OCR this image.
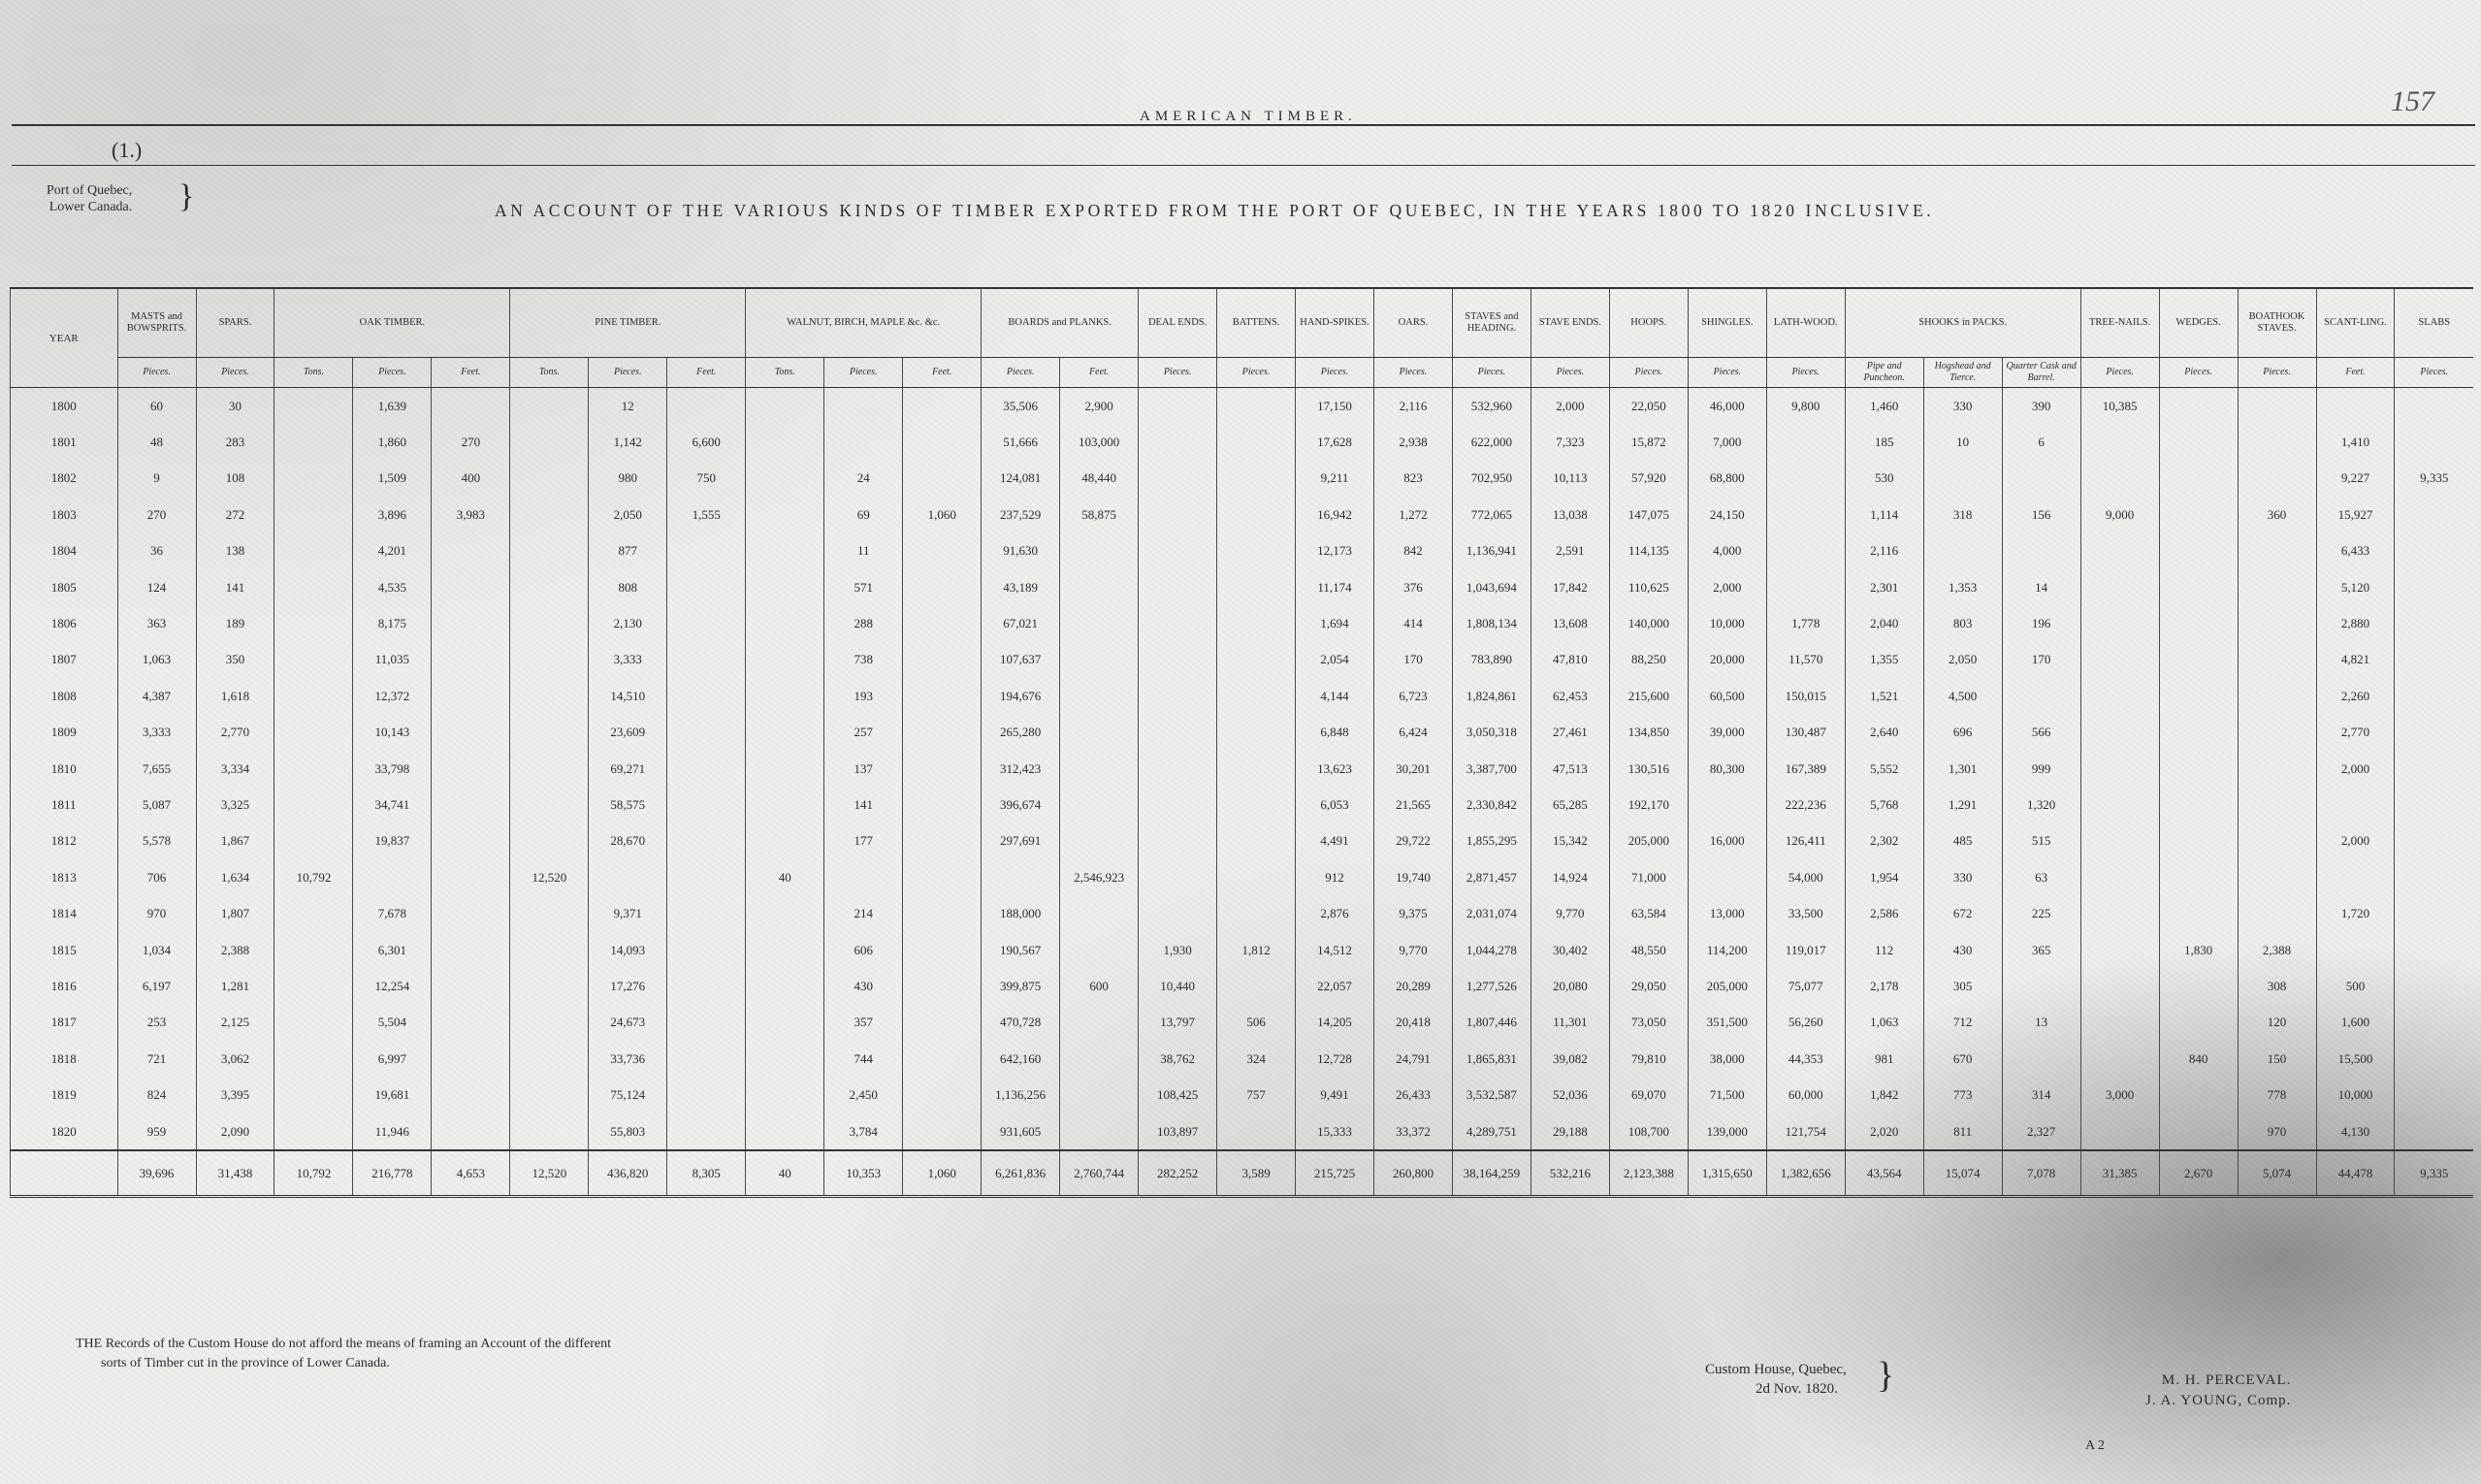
AMERICAN TIMBER.	157
(1.)
Port of Quebec,
Lower Canada. }	AN ACCOUNT OF THE VARIOUS KINDS OF TIMBER EXPORTED FROM THE PORT OF QUEBEC, IN THE YEARS 1800 TO 1820 INCLUSIVE.
YEAR	MASTS and BOWSPRITS.	SPARS.	OAK TIMBER.			PINE TIMBER.			WALNUT, BIRCH, MAPLE &c. &c.			BOARDS and PLANKS.		DEAL ENDS.	BATTENS.	HAND-SPIKES.	OARS.	STAVES and HEADING.	STAVE ENDS.	HOOPS.	SHINGLES.	LATH-WOOD.	SHOOKS in PACKS.			TREE-NAILS.	WEDGES.	BOATHOOK STAVES.	SCANT-LING.	SLABS
	Pieces.	Pieces.	Tons.	Pieces.	Feet.	Tons.	Pieces.	Feet.	Tons.	Pieces.	Feet.	Pieces.	Feet.	Pieces.	Pieces.	Pieces.	Pieces.	Pieces.	Pieces.	Pieces.	Pieces.	Pieces.	Pipe and Puncheon.	Hogshead and Tierce.	Quarter Cask and Barrel.	Pieces.	Pieces.	Pieces.	Feet.	Pieces.
1800	60	30		1,639			12					35,506	2,900			17,150	2,116	532,960	2,000	22,050	46,000	9,800	1,460	330	390	10,385				
1801	48	283		1,860	270		1,142	6,600				51,666	103,000			17,628	2,938	622,000	7,323	15,872	7,000		185	10	6				1,410	
1802	9	108		1,509	400		980	750		24		124,081	48,440			9,211	823	702,950	10,113	57,920	68,800		530						9,227	9,335
1803	270	272		3,896	3,983		2,050	1,555		69	1,060	237,529	58,875			16,942	1,272	772,065	13,038	147,075	24,150		1,114	318	156	9,000		360	15,927	
1804	36	138		4,201			877			11		91,630				12,173	842	1,136,941	2,591	114,135	4,000		2,116						6,433	
1805	124	141		4,535			808			571		43,189				11,174	376	1,043,694	17,842	110,625	2,000		2,301	1,353	14				5,120	
1806	363	189		8,175			2,130			288		67,021				1,694	414	1,808,134	13,608	140,000	10,000	1,778	2,040	803	196				2,880	
1807	1,063	350		11,035			3,333			738		107,637				2,054	170	783,890	47,810	88,250	20,000	11,570	1,355	2,050	170				4,821	
1808	4,387	1,618		12,372			14,510			193		194,676				4,144	6,723	1,824,861	62,453	215,600	60,500	150,015	1,521	4,500					2,260	
1809	3,333	2,770		10,143			23,609			257		265,280				6,848	6,424	3,050,318	27,461	134,850	39,000	130,487	2,640	696	566				2,770	
1810	7,655	3,334		33,798			69,271			137		312,423				13,623	30,201	3,387,700	47,513	130,516	80,300	167,389	5,552	1,301	999				2,000	
1811	5,087	3,325		34,741			58,575			141		396,674				6,053	21,565	2,330,842	65,285	192,170		222,236	5,768	1,291	1,320					
1812	5,578	1,867		19,837			28,670			177		297,691				4,491	29,722	1,855,295	15,342	205,000	16,000	126,411	2,302	485	515				2,000	
1813	706	1,634	10,792			12,520			40				2,546,923			912	19,740	2,871,457	14,924	71,000		54,000	1,954	330	63					
1814	970	1,807		7,678			9,371			214		188,000				2,876	9,375	2,031,074	9,770	63,584	13,000	33,500	2,586	672	225				1,720	
1815	1,034	2,388		6,301			14,093			606		190,567		1,930	1,812	14,512	9,770	1,044,278	30,402	48,550	114,200	119,017	112	430	365		1,830	2,388		
1816	6,197	1,281		12,254			17,276			430		399,875	600	10,440		22,057	20,289	1,277,526	20,080	29,050	205,000	75,077	2,178	305				308	500	
1817	253	2,125		5,504			24,673			357		470,728		13,797	506	14,205	20,418	1,807,446	11,301	73,050	351,500	56,260	1,063	712	13			120	1,600	
1818	721	3,062		6,997			33,736			744		642,160		38,762	324	12,728	24,791	1,865,831	39,082	79,810	38,000	44,353	981	670			840	150	15,500	
1819	824	3,395		19,681			75,124			2,450		1,136,256		108,425	757	9,491	26,433	3,532,587	52,036	69,070	71,500	60,000	1,842	773	314	3,000		778	10,000	
1820	959	2,090		11,946			55,803			3,784		931,605		103,897		15,333	33,372	4,289,751	29,188	108,700	139,000	121,754	2,020	811	2,327			970	4,130	
	39,696	31,438	10,792	216,778	4,653	12,520	436,820	8,305	40	10,353	1,060	6,261,836	2,760,744	282,252	3,589	215,725	260,800	38,164,259	532,216	2,123,388	1,315,650	1,382,656	43,564	15,074	7,078	31,385	2,670	5,074	44,478	9,335
THE Records of the Custom House do not afford the means of framing an Account of the different
sorts of Timber cut in the province of Lower Canada.	Custom House, Quebec,
2d Nov. 1820. }	M. H. PERCEVAL.
J. A. YOUNG, Comp.
A 2
